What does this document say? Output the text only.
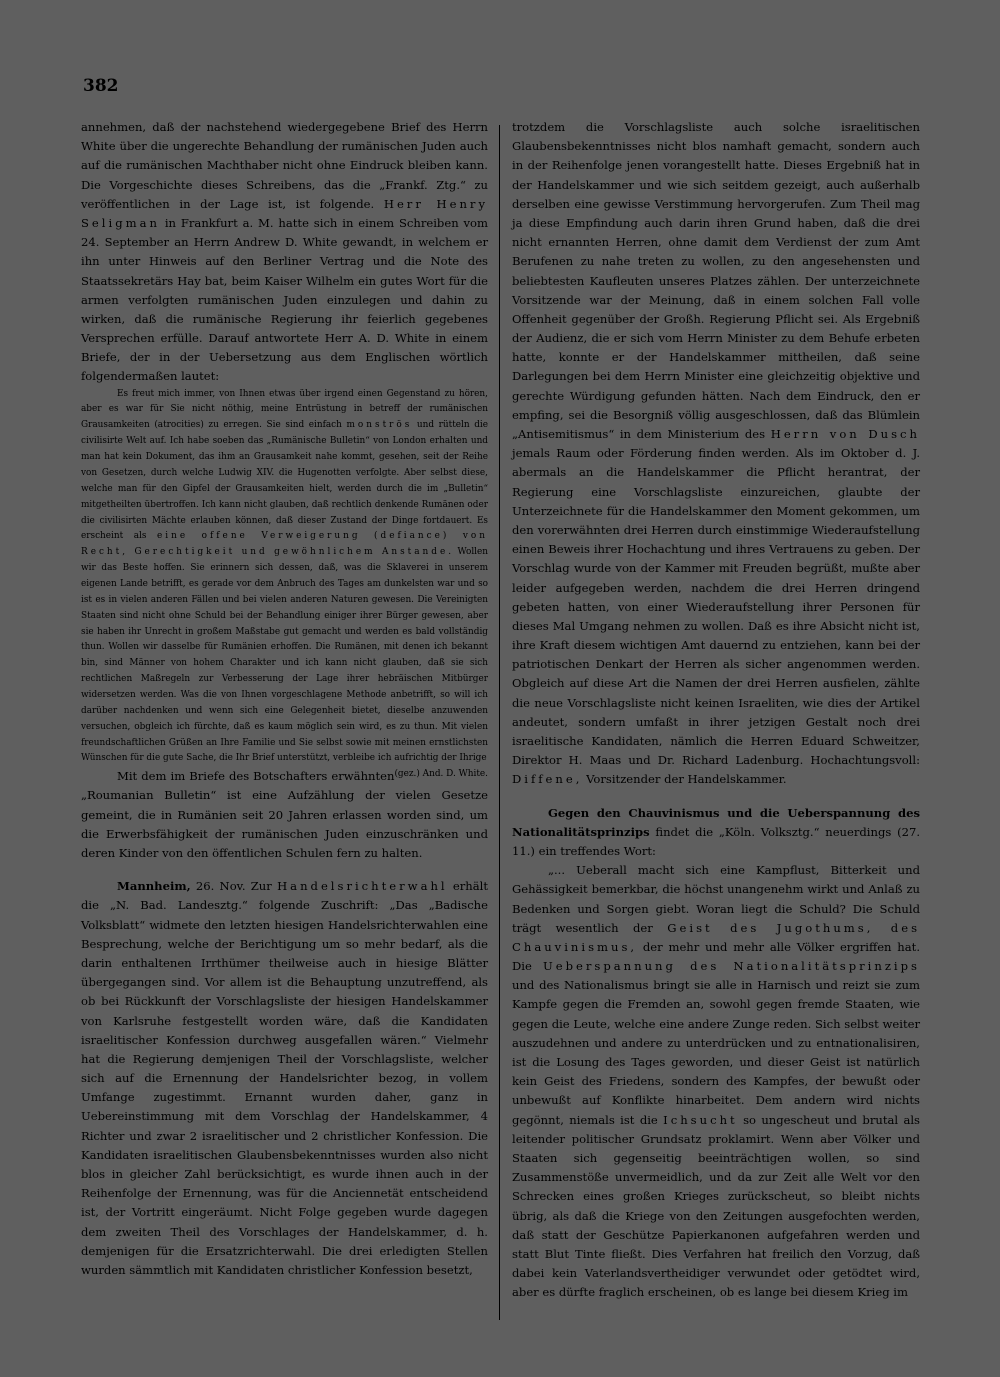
382

annehmen, daß der nachstehend wiedergegebene Brief des Herrn White über die ungerechte Behandlung der rumänischen Juden auch auf die rumänischen Machthaber nicht ohne Eindruck bleiben kann. Die Vorgeschichte dieses Schreibens, das die „Frankf. Ztg.“ zu veröffentlichen in der Lage ist, ist folgende. Herr Henry Seligman in Frankfurt a. M. hatte sich in einem Schreiben vom 24. September an Herrn Andrew D. White gewandt, in welchem er ihn unter Hinweis auf den Berliner Vertrag und die Note des Staatssekretärs Hay bat, beim Kaiser Wilhelm ein gutes Wort für die armen verfolgten rumänischen Juden einzulegen und dahin zu wirken, daß die rumänische Regierung ihr feierlich gegebenes Versprechen erfülle. Darauf antwortete Herr A. D. White in einem Briefe, der in der Uebersetzung aus dem Englischen wörtlich folgendermaßen lautet:

Es freut mich immer, von Ihnen etwas über irgend einen Gegenstand zu hören, aber es war für Sie nicht nöthig, meine Entrüstung in betreff der rumänischen Grausamkeiten (atrocities) zu erregen. Sie sind einfach monströs und rütteln die civilisirte Welt auf. Ich habe soeben das „Rumänische Bulletin“ von London erhalten und man hat kein Dokument, das ihm an Grausamkeit nahe kommt, gesehen, seit der Reihe von Gesetzen, durch welche Ludwig XIV. die Hugenotten verfolgte. Aber selbst diese, welche man für den Gipfel der Grausamkeiten hielt, werden durch die im „Bulletin“ mitgetheilten übertroffen. Ich kann nicht glauben, daß rechtlich denkende Rumänen oder die civilisirten Mächte erlauben können, daß dieser Zustand der Dinge fortdauert. Es erscheint als eine offene Verweigerung (defiance) von Recht, Gerechtigkeit und gewöhnlichem Anstande. Wollen wir das Beste hoffen. Sie erinnern sich dessen, daß, was die Sklaverei in unserem eigenen Lande betrifft, es gerade vor dem Anbruch des Tages am dunkelsten war und so ist es in vielen anderen Fällen und bei vielen anderen Naturen gewesen. Die Vereinigten Staaten sind nicht ohne Schuld bei der Behandlung einiger ihrer Bürger gewesen, aber sie haben ihr Unrecht in großem Maßstabe gut gemacht und werden es bald vollständig thun. Wollen wir dasselbe für Rumänien erhoffen. Die Rumänen, mit denen ich bekannt bin, sind Männer von hohem Charakter und ich kann nicht glauben, daß sie sich rechtlichen Maßregeln zur Verbesserung der Lage ihrer hebräischen Mitbürger widersetzen werden. Was die von Ihnen vorgeschlagene Methode anbetrifft, so will ich darüber nachdenken und wenn sich eine Gelegenheit bietet, dieselbe anzuwenden versuchen, obgleich ich fürchte, daß es kaum möglich sein wird, es zu thun. Mit vielen freundschaftlichen Grüßen an Ihre Familie und Sie selbst sowie mit meinen ernstlichsten Wünschen für die gute Sache, die Ihr Brief unterstützt, verbleibe ich aufrichtig der Ihrige
(gez.) And. D. White.

Mit dem im Briefe des Botschafters erwähnten „Roumanian Bulletin“ ist eine Aufzählung der vielen Gesetze gemeint, die in Rumänien seit 20 Jahren erlassen worden sind, um die Erwerbsfähigkeit der rumänischen Juden einzuschränken und deren Kinder von den öffentlichen Schulen fern zu halten.

Mannheim, 26. Nov. Zur Handelsrichterwahl erhält die „N. Bad. Landesztg.“ folgende Zuschrift: „Das „Badische Volksblatt“ widmete den letzten hiesigen Handelsrichterwahlen eine Besprechung, welche der Berichtigung um so mehr bedarf, als die darin enthaltenen Irrthümer theilweise auch in hiesige Blätter übergegangen sind. Vor allem ist die Behauptung unzutreffend, als ob bei Rückkunft der Vorschlagsliste der hiesigen Handelskammer von Karlsruhe festgestellt worden wäre, daß die Kandidaten israelitischer Konfession durchweg ausgefallen wären.“ Vielmehr hat die Regierung demjenigen Theil der Vorschlagsliste, welcher sich auf die Ernennung der Handelsrichter bezog, in vollem Umfange zugestimmt. Ernannt wurden daher, ganz in Uebereinstimmung mit dem Vorschlag der Handelskammer, 4 Richter und zwar 2 israelitischer und 2 christlicher Konfession. Die Kandidaten israelitischen Glaubensbekenntnisses wurden also nicht blos in gleicher Zahl berücksichtigt, es wurde ihnen auch in der Reihenfolge der Ernennung, was für die Anciennetät entscheidend ist, der Vortritt eingeräumt. Nicht Folge gegeben wurde dagegen dem zweiten Theil des Vorschlages der Handelskammer, d. h. demjenigen für die Ersatzrichterwahl. Die drei erledigten Stellen wurden sämmtlich mit Kandidaten christlicher Konfession besetzt,

trotzdem die Vorschlagsliste auch solche israelitischen Glaubensbekenntnisses nicht blos namhaft gemacht, sondern auch in der Reihenfolge jenen vorangestellt hatte. Dieses Ergebniß hat in der Handelskammer und wie sich seitdem gezeigt, auch außerhalb derselben eine gewisse Verstimmung hervorgerufen. Zum Theil mag ja diese Empfindung auch darin ihren Grund haben, daß die drei nicht ernannten Herren, ohne damit dem Verdienst der zum Amt Berufenen zu nahe treten zu wollen, zu den angesehensten und beliebtesten Kaufleuten unseres Platzes zählen. Der unterzeichnete Vorsitzende war der Meinung, daß in einem solchen Fall volle Offenheit gegenüber der Großh. Regierung Pflicht sei. Als Ergebniß der Audienz, die er sich vom Herrn Minister zu dem Behufe erbeten hatte, konnte er der Handelskammer mittheilen, daß seine Darlegungen bei dem Herrn Minister eine gleichzeitig objektive und gerechte Würdigung gefunden hätten. Nach dem Eindruck, den er empfing, sei die Besorgniß völlig ausgeschlossen, daß das Blümlein „Antisemitismus“ in dem Ministerium des Herrn von Dusch jemals Raum oder Förderung finden werden. Als im Oktober d. J. abermals an die Handelskammer die Pflicht herantrat, der Regierung eine Vorschlagsliste einzureichen, glaubte der Unterzeichnete für die Handelskammer den Moment gekommen, um den vorerwähnten drei Herren durch einstimmige Wiederaufstellung einen Beweis ihrer Hochachtung und ihres Vertrauens zu geben. Der Vorschlag wurde von der Kammer mit Freuden begrüßt, mußte aber leider aufgegeben werden, nachdem die drei Herren dringend gebeten hatten, von einer Wiederaufstellung ihrer Personen für dieses Mal Umgang nehmen zu wollen. Daß es ihre Absicht nicht ist, ihre Kraft diesem wichtigen Amt dauernd zu entziehen, kann bei der patriotischen Denkart der Herren als sicher angenommen werden. Obgleich auf diese Art die Namen der drei Herren ausfielen, zählte die neue Vorschlagsliste nicht keinen Israeliten, wie dies der Artikel andeutet, sondern umfaßt in ihrer jetzigen Gestalt noch drei israelitische Kandidaten, nämlich die Herren Eduard Schweitzer, Direktor H. Maas und Dr. Richard Ladenburg. Hochachtungsvoll: Diffene, Vorsitzender der Handelskammer.

Gegen den Chauvinismus und die Ueberspannung des Nationalitätsprinzips findet die „Köln. Volksztg.“ neuerdings (27. 11.) ein treffendes Wort:

„... Ueberall macht sich eine Kampflust, Bitterkeit und Gehässigkeit bemerkbar, die höchst unangenehm wirkt und Anlaß zu Bedenken und Sorgen giebt. Woran liegt die Schuld? Die Schuld trägt wesentlich der Geist des Jugothums, des Chauvinismus, der mehr und mehr alle Völker ergriffen hat. Die Ueberspannung des Nationalitätsprinzips und des Nationalismus bringt sie alle in Harnisch und reizt sie zum Kampfe gegen die Fremden an, sowohl gegen fremde Staaten, wie gegen die Leute, welche eine andere Zunge reden. Sich selbst weiter auszudehnen und andere zu unterdrücken und zu entnationalisiren, ist die Losung des Tages geworden, und dieser Geist ist natürlich kein Geist des Friedens, sondern des Kampfes, der bewußt oder unbewußt auf Konflikte hinarbeitet. Dem andern wird nichts gegönnt, niemals ist die Ichsucht so ungescheut und brutal als leitender politischer Grundsatz proklamirt. Wenn aber Völker und Staaten sich gegenseitig beeinträchtigen wollen, so sind Zusammenstöße unvermeidlich, und da zur Zeit alle Welt vor den Schrecken eines großen Krieges zurückscheut, so bleibt nichts übrig, als daß die Kriege von den Zeitungen ausgefochten werden, daß statt der Geschütze Papierkanonen aufgefahren werden und statt Blut Tinte fließt. Dies Verfahren hat freilich den Vorzug, daß dabei kein Vaterlandsvertheidiger verwundet oder getödtet wird, aber es dürfte fraglich erscheinen, ob es lange bei diesem Krieg im
